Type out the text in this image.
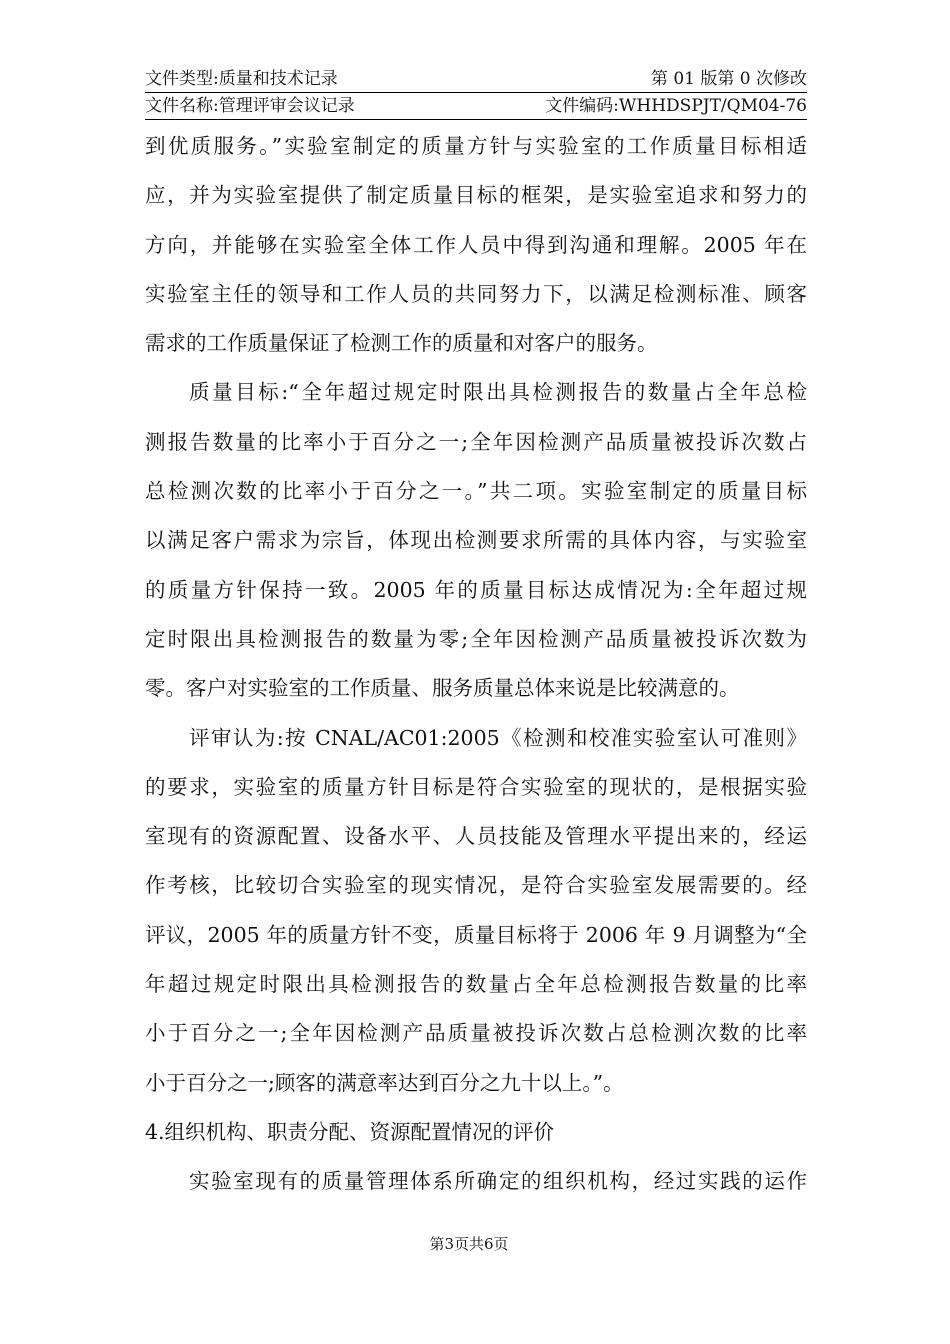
文件类型:质量和技术记录	第 01 版第 0 次修改
文件名称:管理评审会议记录	文件编码:WHHDSPJT/QM04-76
到优质服务。”实验室制定的质量方针与实验室的工作质量目标相适
应，并为实验室提供了制定质量目标的框架，是实验室追求和努力的
方向，并能够在实验室全体工作人员中得到沟通和理解。2005 年在
实验室主任的领导和工作人员的共同努力下，以满足检测标准、顾客
需求的工作质量保证了检测工作的质量和对客户的服务。
质量目标:“全年超过规定时限出具检测报告的数量占全年总检
测报告数量的比率小于百分之一;全年因检测产品质量被投诉次数占
总检测次数的比率小于百分之一。”共二项。实验室制定的质量目标
以满足客户需求为宗旨，体现出检测要求所需的具体内容，与实验室
的质量方针保持一致。2005 年的质量目标达成情况为:全年超过规
定时限出具检测报告的数量为零;全年因检测产品质量被投诉次数为
零。客户对实验室的工作质量、服务质量总体来说是比较满意的。
评审认为:按 CNAL/AC01:2005《检测和校准实验室认可准则》
的要求，实验室的质量方针目标是符合实验室的现状的，是根据实验
室现有的资源配置、设备水平、人员技能及管理水平提出来的，经运
作考核，比较切合实验室的现实情况，是符合实验室发展需要的。经
评议，2005 年的质量方针不变，质量目标将于 2006 年 9 月调整为“全
年超过规定时限出具检测报告的数量占全年总检测报告数量的比率
小于百分之一;全年因检测产品质量被投诉次数占总检测次数的比率
小于百分之一;顾客的满意率达到百分之九十以上。”。
4.组织机构、职责分配、资源配置情况的评价
实验室现有的质量管理体系所确定的组织机构，经过实践的运作
第3页共6页
